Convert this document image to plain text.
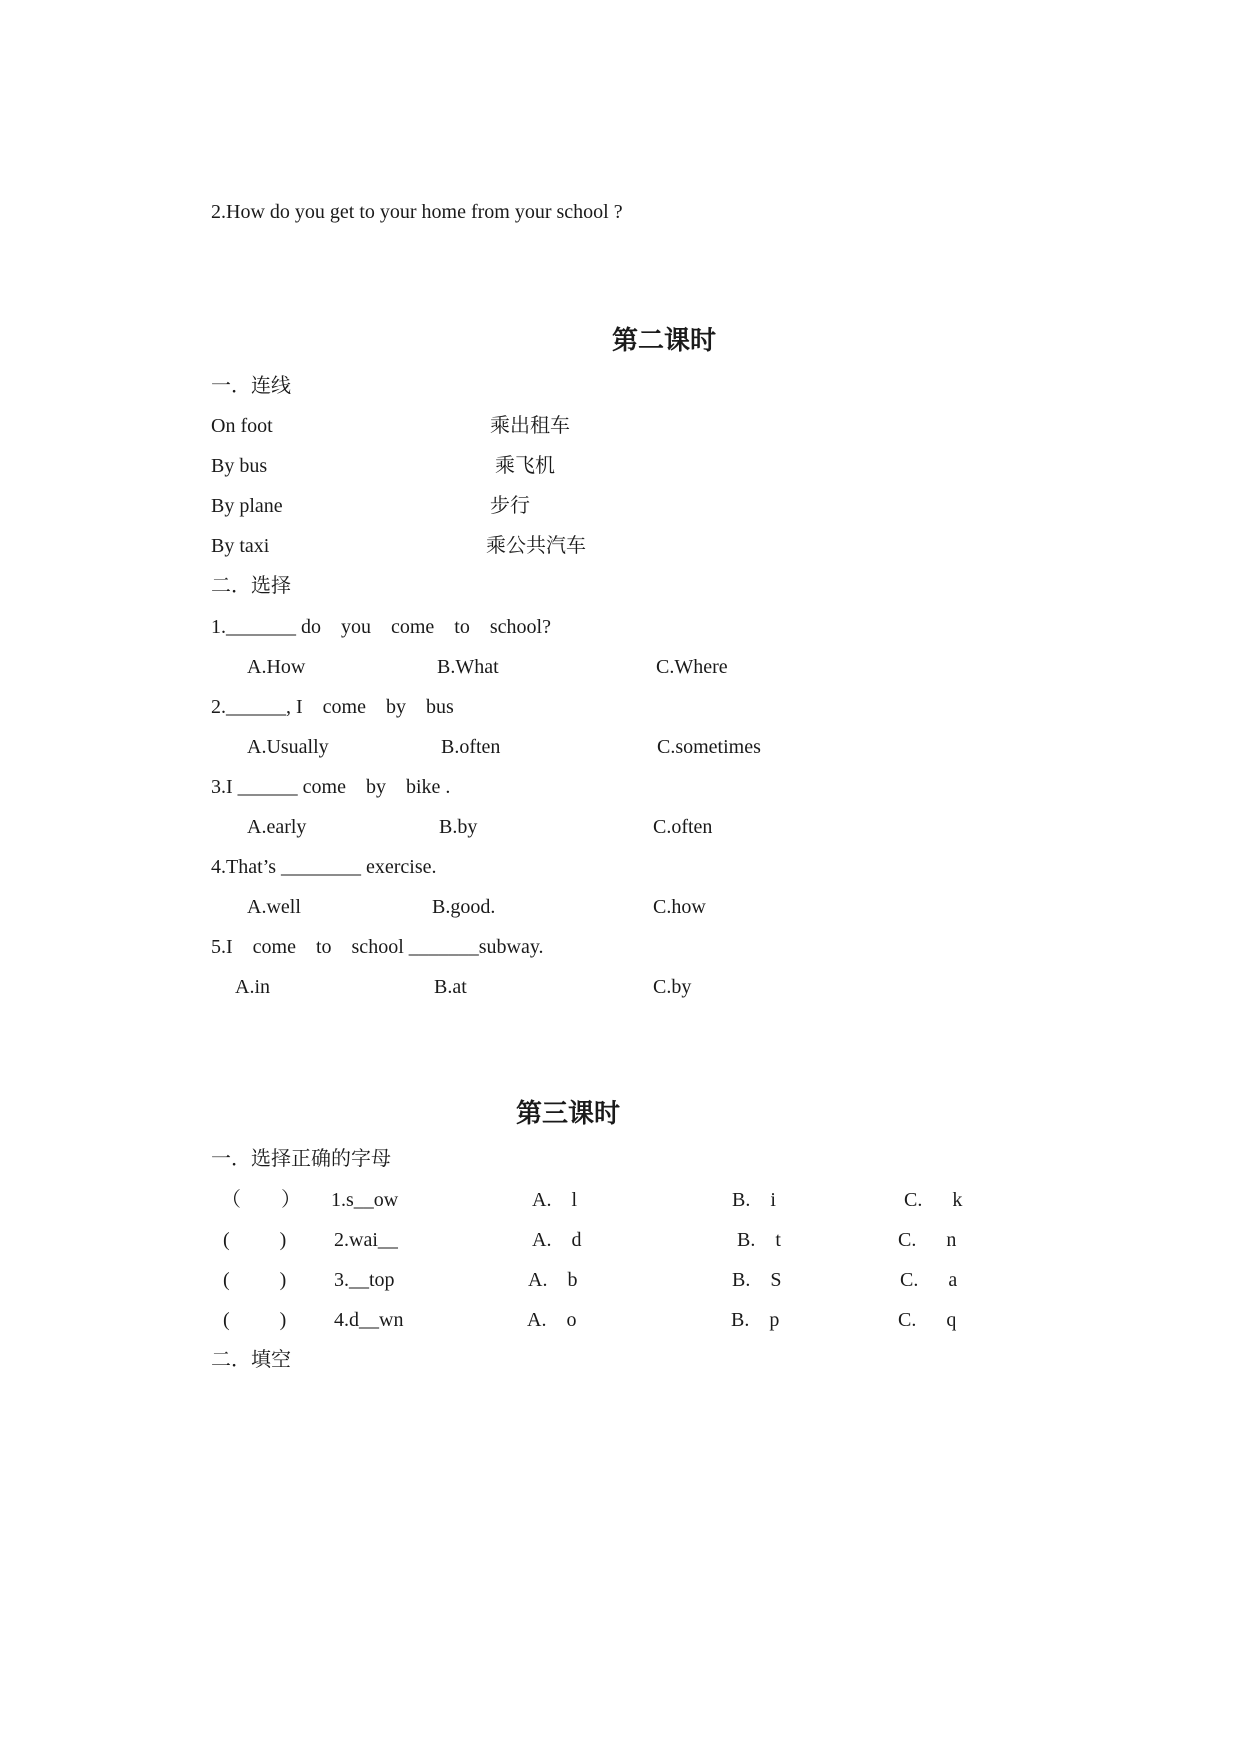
2.How do you get to your home from your school ?
第二课时
一．连线
On foot	乘出租车
By bus	乘飞机
By plane	步行
By taxi	乘公共汽车
二．选择
1._______ do    you    come    to    school?
A.How	B.What	C.Where
2.______, I    come    by    bus
A.Usually	B.often	C.sometimes
3.I ______ come    by    bike .
A.early	B.by	C.often
4.That’s ________ exercise.
A.well	B.good.	C.how
5.I    come    to    school _______subway.
A.in	B.at	C.by
第三课时
一．选择正确的字母
（        ） 1.s__ow	A.    l	B.    i	C.      k
(          ) 2.wai__	A.    d	B.    t	C.      n
(          ) 3.__top	A.    b	B.    S	C.      a
(          ) 4.d__wn	A.    o	B.    p	C.      q
二．填空
